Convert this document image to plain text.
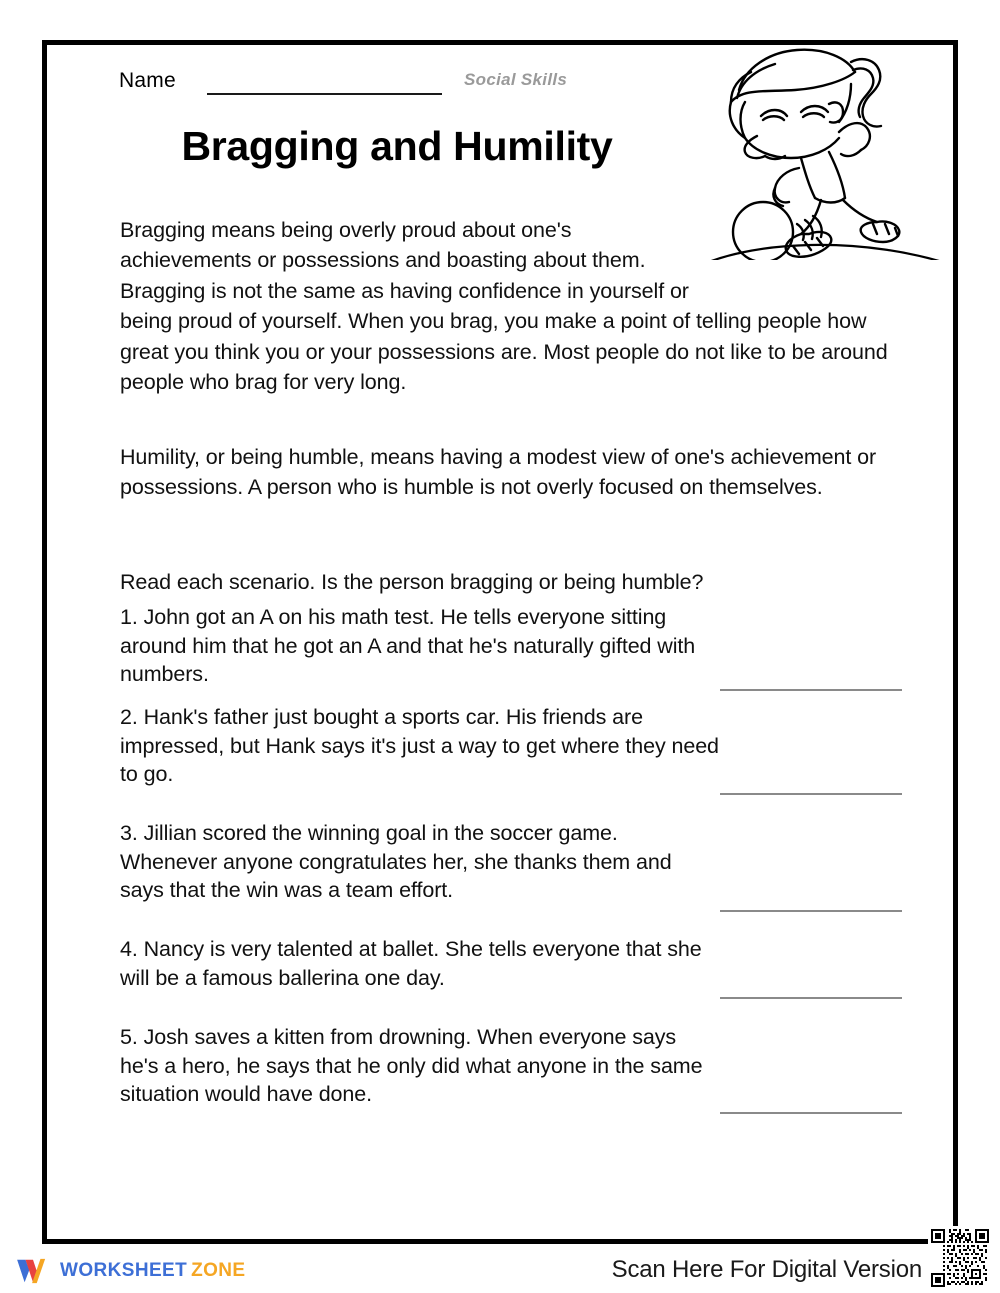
Name	Social Skills
Bragging and Humility

Bragging means being overly proud about one's achievements or possessions and boasting about them. Bragging is not the same as having confidence in yourself or being proud of yourself. When you brag, you make a point of telling people how great you think you or your possessions are. Most people do not like to be around people who brag for very long.

Humility, or being humble, means having a modest view of one's achievement or possessions. A person who is humble is not overly focused on themselves.

Read each scenario. Is the person bragging or being humble?

1. John got an A on his math test. He tells everyone sitting around him that he got an A and that he's naturally gifted with numbers.
2. Hank's father just bought a sports car. His friends are impressed, but Hank says it's just a way to get where they need to go.
3. Jillian scored the winning goal in the soccer game. Whenever anyone congratulates her, she thanks them and says that the win was a team effort.
4. Nancy is very talented at ballet. She tells everyone that she will be a famous ballerina one day.
5. Josh saves a kitten from drowning. When everyone says he's a hero, he says that he only did what anyone in the same situation would have done.
WORKSHEET ZONE	Scan Here For Digital Version
